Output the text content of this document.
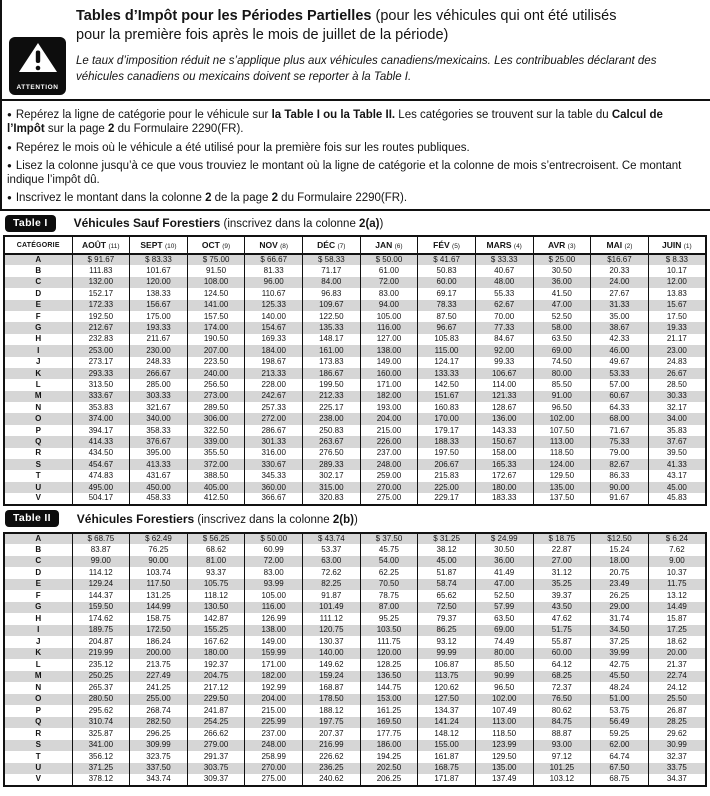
Tables d’Impôt pour les Périodes Partielles (pour les véhicules qui ont été utilisés pour la première fois après le mois de juillet de la période)
ATTENTION
Le taux d’imposition réduit ne s’applique plus aux véhicules canadiens/mexicains. Les contribuables déclarant des véhicules canadiens ou mexicains doivent se reporter à la Table I.
● Repérez la ligne de catégorie pour le véhicule sur la Table I ou la Table II. Les catégories se trouvent sur la table du Calcul de l’Impôt sur la page 2 du Formulaire 2290(FR).
● Repérez le mois où le véhicule a été utilisé pour la première fois sur les routes publiques.
● Lisez la colonne jusqu’à ce que vous trouviez le montant où la ligne de catégorie et la colonne de mois s’entrecroisent. Ce montant indique l’impôt dû.
● Inscrivez le montant dans la colonne 2 de la page 2 du Formulaire 2290(FR).
Table I	Véhicules Sauf Forestiers (inscrivez dans la colonne 2(a))
CATÉGORIE	AOÛT (11)	SEPT (10)	OCT (9)	NOV (8)	DÉC (7)	JAN (6)	FÉV (5)	MARS (4)	AVR (3)	MAI (2)	JUIN (1)
A	$ 91.67	$ 83.33	$ 75.00	$ 66.67	$ 58.33	$ 50.00	$ 41.67	$ 33.33	$ 25.00	$16.67	$ 8.33
B	111.83	101.67	91.50	81.33	71.17	61.00	50.83	40.67	30.50	20.33	10.17
C	132.00	120.00	108.00	96.00	84.00	72.00	60.00	48.00	36.00	24.00	12.00
D	152.17	138.33	124.50	110.67	96.83	83.00	69.17	55.33	41.50	27.67	13.83
E	172.33	156.67	141.00	125.33	109.67	94.00	78.33	62.67	47.00	31.33	15.67
F	192.50	175.00	157.50	140.00	122.50	105.00	87.50	70.00	52.50	35.00	17.50
G	212.67	193.33	174.00	154.67	135.33	116.00	96.67	77.33	58.00	38.67	19.33
H	232.83	211.67	190.50	169.33	148.17	127.00	105.83	84.67	63.50	42.33	21.17
I	253.00	230.00	207.00	184.00	161.00	138.00	115.00	92.00	69.00	46.00	23.00
J	273.17	248.33	223.50	198.67	173.83	149.00	124.17	99.33	74.50	49.67	24.83
K	293.33	266.67	240.00	213.33	186.67	160.00	133.33	106.67	80.00	53.33	26.67
L	313.50	285.00	256.50	228.00	199.50	171.00	142.50	114.00	85.50	57.00	28.50
M	333.67	303.33	273.00	242.67	212.33	182.00	151.67	121.33	91.00	60.67	30.33
N	353.83	321.67	289.50	257.33	225.17	193.00	160.83	128.67	96.50	64.33	32.17
O	374.00	340.00	306.00	272.00	238.00	204.00	170.00	136.00	102.00	68.00	34.00
P	394.17	358.33	322.50	286.67	250.83	215.00	179.17	143.33	107.50	71.67	35.83
Q	414.33	376.67	339.00	301.33	263.67	226.00	188.33	150.67	113.00	75.33	37.67
R	434.50	395.00	355.50	316.00	276.50	237.00	197.50	158.00	118.50	79.00	39.50
S	454.67	413.33	372.00	330.67	289.33	248.00	206.67	165.33	124.00	82.67	41.33
T	474.83	431.67	388.50	345.33	302.17	259.00	215.83	172.67	129.50	86.33	43.17
U	495.00	450.00	405.00	360.00	315.00	270.00	225.00	180.00	135.00	90.00	45.00
V	504.17	458.33	412.50	366.67	320.83	275.00	229.17	183.33	137.50	91.67	45.83
Table II	Véhicules Forestiers (inscrivez dans la colonne 2(b))
A	$ 68.75	$ 62.49	$ 56.25	$ 50.00	$ 43.74	$ 37.50	$ 31.25	$ 24.99	$ 18.75	$12.50	$ 6.24
B	83.87	76.25	68.62	60.99	53.37	45.75	38.12	30.50	22.87	15.24	7.62
C	99.00	90.00	81.00	72.00	63.00	54.00	45.00	36.00	27.00	18.00	9.00
D	114.12	103.74	93.37	83.00	72.62	62.25	51.87	41.49	31.12	20.75	10.37
E	129.24	117.50	105.75	93.99	82.25	70.50	58.74	47.00	35.25	23.49	11.75
F	144.37	131.25	118.12	105.00	91.87	78.75	65.62	52.50	39.37	26.25	13.12
G	159.50	144.99	130.50	116.00	101.49	87.00	72.50	57.99	43.50	29.00	14.49
H	174.62	158.75	142.87	126.99	111.12	95.25	79.37	63.50	47.62	31.74	15.87
I	189.75	172.50	155.25	138.00	120.75	103.50	86.25	69.00	51.75	34.50	17.25
J	204.87	186.24	167.62	149.00	130.37	111.75	93.12	74.49	55.87	37.25	18.62
K	219.99	200.00	180.00	159.99	140.00	120.00	99.99	80.00	60.00	39.99	20.00
L	235.12	213.75	192.37	171.00	149.62	128.25	106.87	85.50	64.12	42.75	21.37
M	250.25	227.49	204.75	182.00	159.24	136.50	113.75	90.99	68.25	45.50	22.74
N	265.37	241.25	217.12	192.99	168.87	144.75	120.62	96.50	72.37	48.24	24.12
O	280.50	255.00	229.50	204.00	178.50	153.00	127.50	102.00	76.50	51.00	25.50
P	295.62	268.74	241.87	215.00	188.12	161.25	134.37	107.49	80.62	53.75	26.87
Q	310.74	282.50	254.25	225.99	197.75	169.50	141.24	113.00	84.75	56.49	28.25
R	325.87	296.25	266.62	237.00	207.37	177.75	148.12	118.50	88.87	59.25	29.62
S	341.00	309.99	279.00	248.00	216.99	186.00	155.00	123.99	93.00	62.00	30.99
T	356.12	323.75	291.37	258.99	226.62	194.25	161.87	129.50	97.12	64.74	32.37
U	371.25	337.50	303.75	270.00	236.25	202.50	168.75	135.00	101.25	67.50	33.75
V	378.12	343.74	309.37	275.00	240.62	206.25	171.87	137.49	103.12	68.75	34.37
